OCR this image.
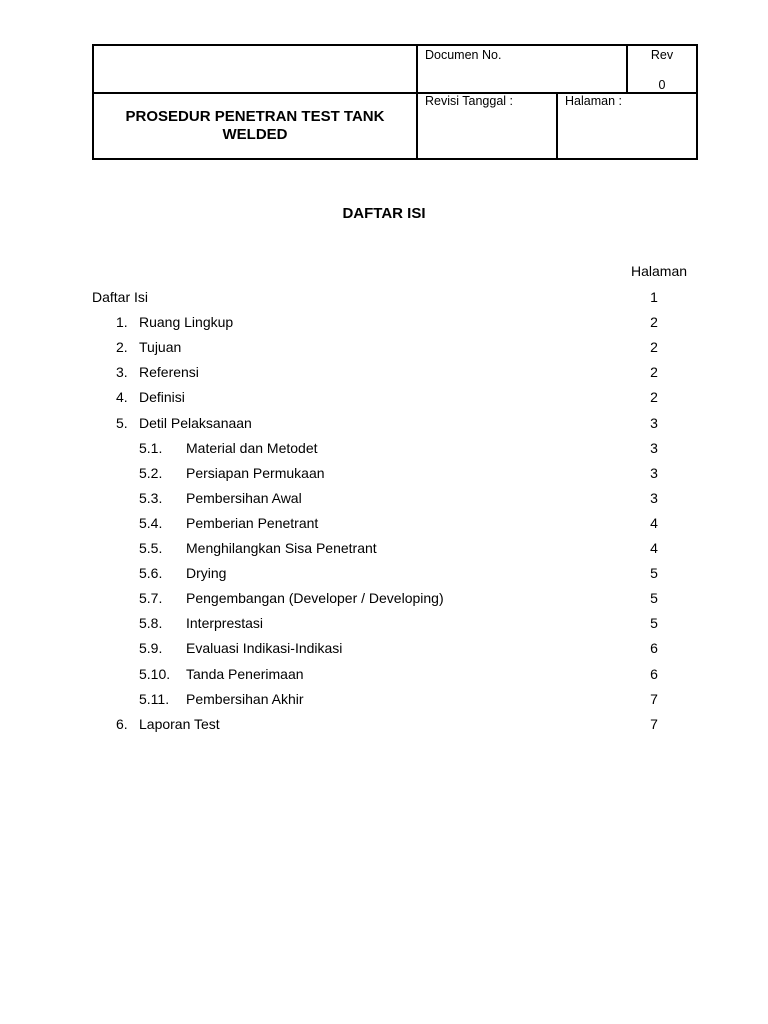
PROSEDUR PENETRAN TEST TANK WELDED
Documen No.	Rev
0
Revisi Tanggal :	Halaman :
DAFTAR ISI
Halaman
Daftar Isi	1
1. Ruang Lingkup	2
2. Tujuan	2
3. Referensi	2
4. Definisi	2
5. Detil Pelaksanaan	3
5.1. Material dan Metodet	3
5.2. Persiapan Permukaan	3
5.3. Pembersihan Awal	3
5.4. Pemberian Penetrant	4
5.5. Menghilangkan Sisa Penetrant	4
5.6. Drying	5
5.7. Pengembangan (Developer / Developing)	5
5.8. Interprestasi	5
5.9. Evaluasi Indikasi-Indikasi	6
5.10. Tanda Penerimaan	6
5.11. Pembersihan Akhir	7
6. Laporan Test	7
